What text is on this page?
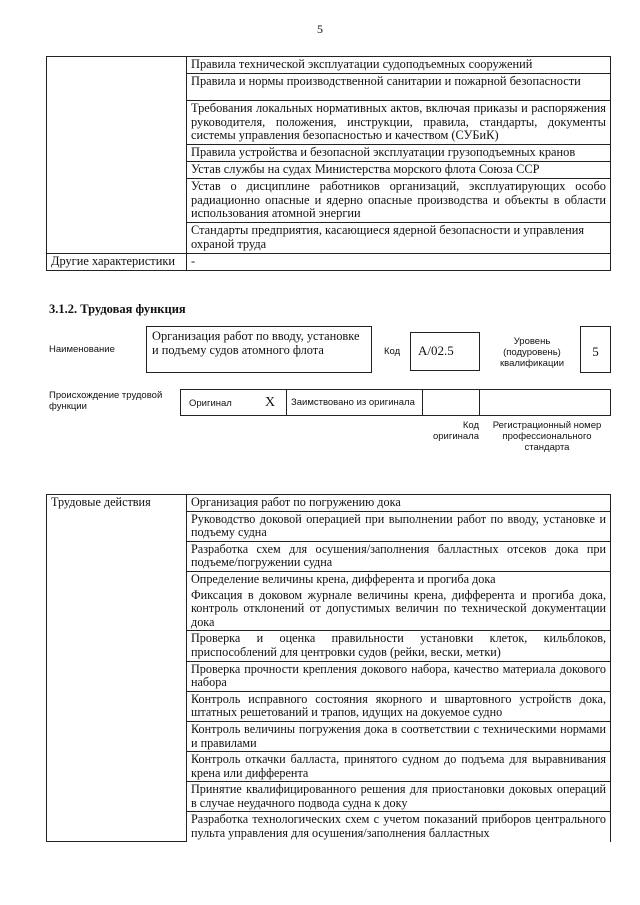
5
	Правила технической эксплуатации судоподъемных сооружений
	Правила и нормы производственной санитарии и пожарной безопасности
	Требования локальных нормативных актов, включая приказы и распоряжения руководителя, положения, инструкции, правила, стандарты, документы системы управления безопасностью и качеством (СУБиК)
	Правила устройства и безопасной эксплуатации грузоподъемных кранов
	Устав службы на судах Министерства морского флота Союза ССР
	Устав о дисциплине работников организаций, эксплуатирующих особо радиационно опасные и ядерно опасные производства и объекты в области использования атомной энергии
	Стандарты предприятия, касающиеся ядерной безопасности и управления охраной труда
Другие характеристики	-
3.1.2. Трудовая функция
Наименование
Организация работ по вводу, установке и подъему судов атомного флота	Код	А/02.5
Уровень (подуровень) квалификации
5
Происхождение трудовой функции	Оригинал X	Заимствовано из оригинала
Код оригинала
Регистрационный номер профессионального стандарта
Трудовые действия	Организация работ по погружению дока
Руководство доковой операцией при выполнении работ по вводу, установке и подъему судна
Разработка схем для осушения/заполнения балластных отсеков дока при подъеме/погружении судна
Определение величины крена, дифферента и прогиба дока
Фиксация в доковом журнале величины крена, дифферента и прогиба дока, контроль отклонений от допустимых величин по технической документации дока
Проверка и оценка правильности установки клеток, кильблоков, приспособлений для центровки судов (рейки, вески, метки)
Проверка прочности крепления докового набора, качество материала докового набора
Контроль исправного состояния якорного и швартовного устройств дока, штатных решетований и трапов, идущих на докуемое судно
Контроль величины погружения дока в соответствии с техническими нормами и правилами
Контроль откачки балласта, принятого судном до подъема для выравнивания крена или дифферента
Принятие квалифицированного решения для приостановки доковых операций в случае неудачного подвода судна к доку
Разработка технологических схем с учетом показаний приборов центрального пульта управления для осушения/заполнения балластных
